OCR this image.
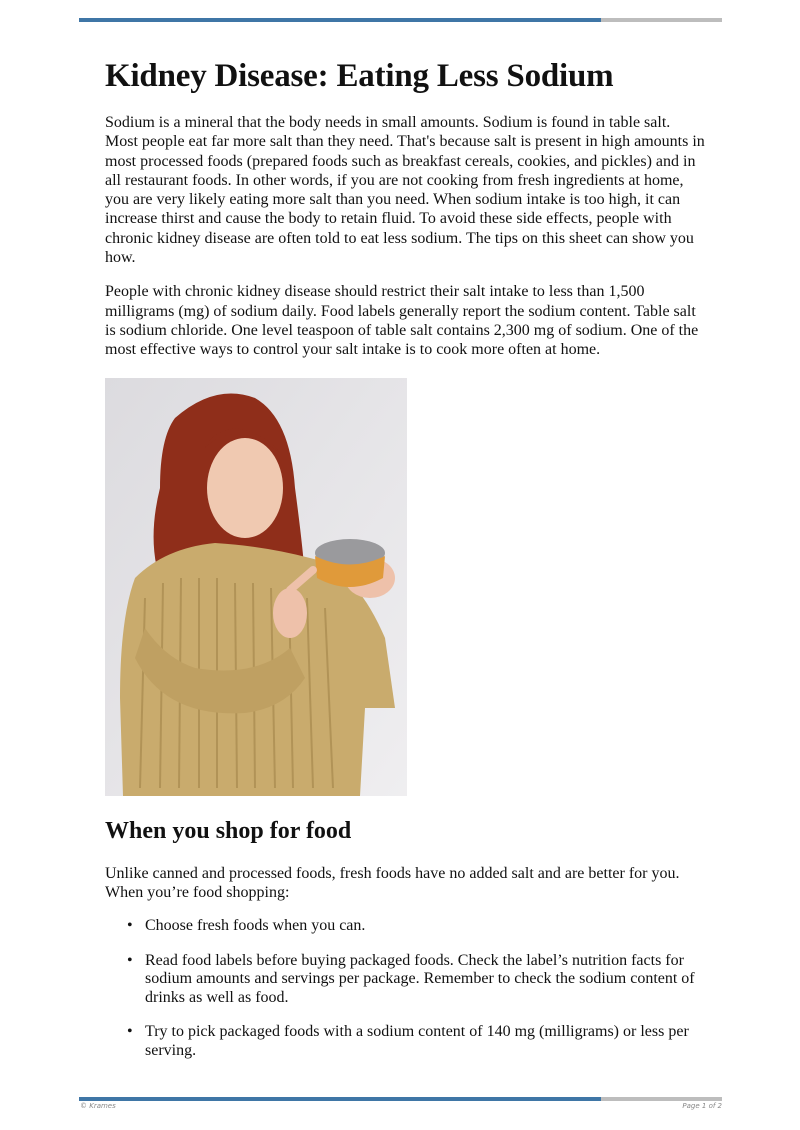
Kidney Disease: Eating Less Sodium

Sodium is a mineral that the body needs in small amounts. Sodium is found in table salt. Most people eat far more salt than they need. That's because salt is present in high amounts in most processed foods (prepared foods such as breakfast cereals, cookies, and pickles) and in all restaurant foods. In other words, if you are not cooking from fresh ingredients at home, you are very likely eating more salt than you need. When sodium intake is too high, it can increase thirst and cause the body to retain fluid. To avoid these side effects, people with chronic kidney disease are often told to eat less sodium. The tips on this sheet can show you how.

People with chronic kidney disease should restrict their salt intake to less than 1,500 milligrams (mg) of sodium daily. Food labels generally report the sodium content. Table salt is sodium chloride. One level teaspoon of table salt contains 2,300 mg of sodium. One of the most effective ways to control your salt intake is to cook more often at home.

When you shop for food

Unlike canned and processed foods, fresh foods have no added salt and are better for you. When you’re food shopping:

• Choose fresh foods when you can.
• Read food labels before buying packaged foods. Check the label’s nutrition facts for sodium amounts and servings per package. Remember to check the sodium content of drinks as well as food.
• Try to pick packaged foods with a sodium content of 140 mg (milligrams) or less per serving.
© Krames	Page 1 of 2
